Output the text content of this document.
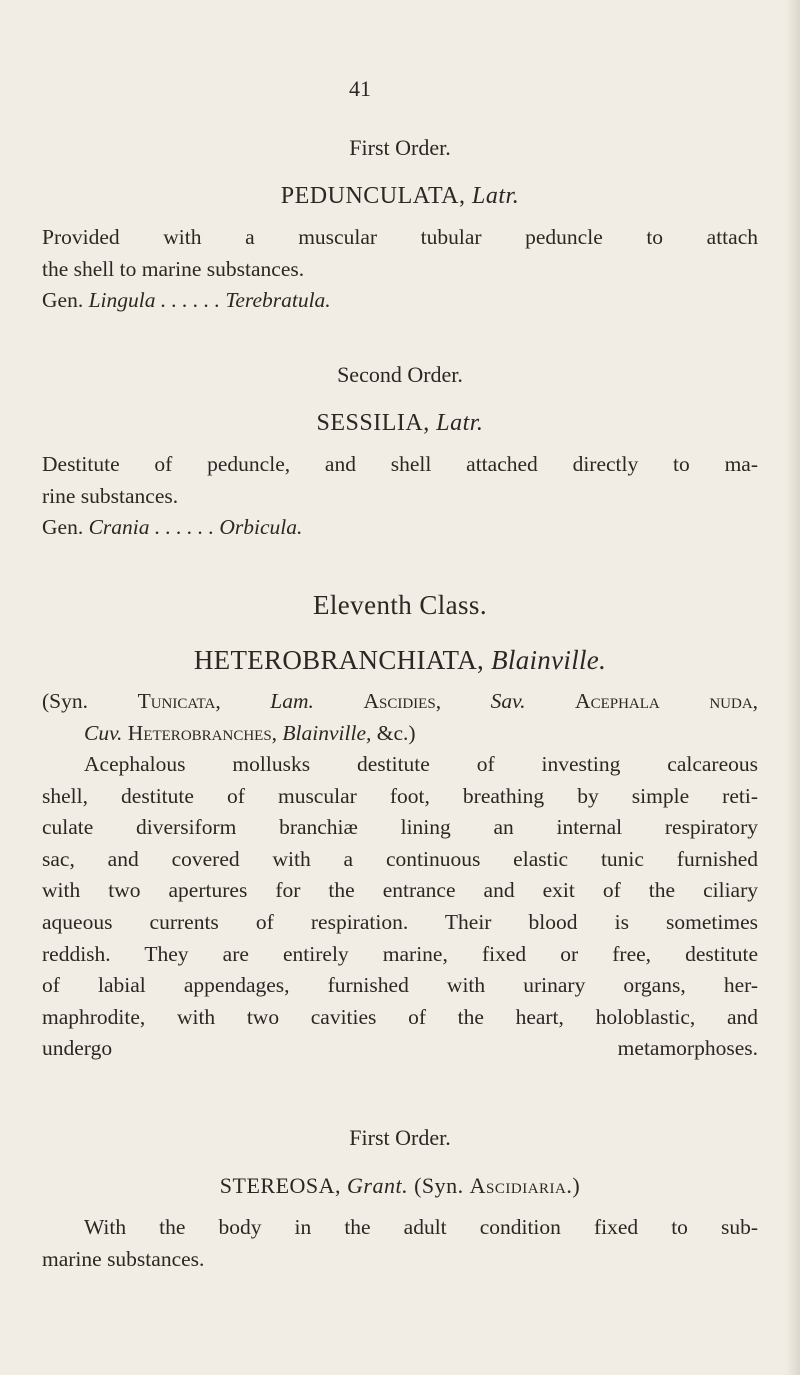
41
First Order.
PEDUNCULATA, Latr.
Provided with a muscular tubular peduncle to attach
the shell to marine substances.
Gen. Lingula . . . . . . Terebratula.
Second Order.
SESSILIA, Latr.
Destitute of peduncle, and shell attached directly to ma-
rine substances.
Gen. Crania . . . . . . Orbicula.
Eleventh Class.
HETEROBRANCHIATA, Blainville.
(Syn. Tunicata, Lam. Ascidies, Sav. Acephala nuda,
Cuv. Heterobranches, Blainville, &c.)
Acephalous mollusks destitute of investing calcareous
shell, destitute of muscular foot, breathing by simple reti-
culate diversiform branchiæ lining an internal respiratory
sac, and covered with a continuous elastic tunic furnished
with two apertures for the entrance and exit of the ciliary
aqueous currents of respiration. Their blood is sometimes
reddish. They are entirely marine, fixed or free, destitute
of labial appendages, furnished with urinary organs, her-
maphrodite, with two cavities of the heart, holoblastic, and
undergo metamorphoses.
First Order.
STEREOSA, Grant. (Syn. Ascidiaria.)
With the body in the adult condition fixed to sub-
marine substances.
